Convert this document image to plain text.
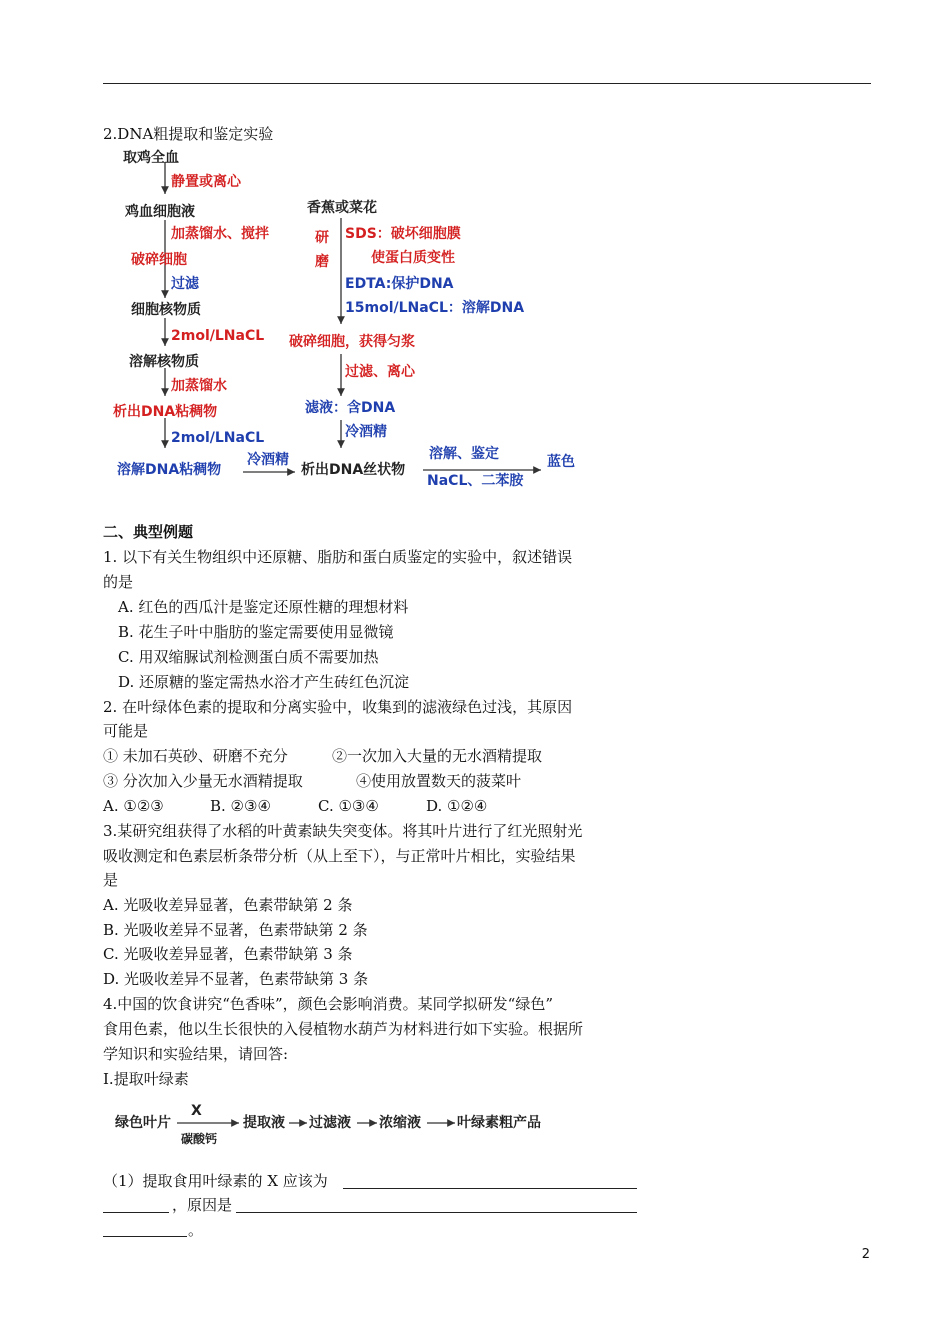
2.DNA粗提取和鉴定实验
取鸡全血
静置或离心
鸡血细胞液
加蒸馏水、搅拌
破碎细胞
过滤
细胞核物质
2mol/LNaCL
溶解核物质
加蒸馏水
析出DNA粘稠物
2mol/LNaCL
溶解DNA粘稠物
冷酒精
析出DNA丝状物
香蕉或菜花
研
磨
SDS：破坏细胞膜
使蛋白质变性
EDTA:保护DNA
15mol/LNaCL：溶解DNA
破碎细胞，获得匀浆
过滤、离心
滤液：含DNA
冷酒精
溶解、鉴定	蓝色
NaCL、二苯胺
二、典型例题
1. 以下有关生物组织中还原糖、脂肪和蛋白质鉴定的实验中，叙述错误
的是
A. 红色的西瓜汁是鉴定还原性糖的理想材料
B. 花生子叶中脂肪的鉴定需要使用显微镜
C. 用双缩脲试剂检测蛋白质不需要加热
D. 还原糖的鉴定需热水浴才产生砖红色沉淀
2. 在叶绿体色素的提取和分离实验中，收集到的滤液绿色过浅，其原因
可能是
① 未加石英砂、研磨不充分	②一次加入大量的无水酒精提取
③ 分次加入少量无水酒精提取	④使用放置数天的菠菜叶
A. ①②③	B. ②③④	C. ①③④	D. ①②④
3.某研究组获得了水稻的叶黄素缺失突变体。将其叶片进行了红光照射光
吸收测定和色素层析条带分析（从上至下），与正常叶片相比，实验结果
是
A. 光吸收差异显著，色素带缺第 2 条
B. 光吸收差异不显著，色素带缺第 2 条
C. 光吸收差异显著，色素带缺第 3 条
D. 光吸收差异不显著，色素带缺第 3 条
4.中国的饮食讲究“色香味”，颜色会影响消费。某同学拟研发“绿色”
食用色素，他以生长很快的入侵植物水葫芦为材料进行如下实验。根据所
学知识和实验结果，请回答:
I.提取叶绿素
绿色叶片
X
碳酸钙
提取液 过滤液 浓缩液	叶绿素粗产品
（1）提取食用叶绿素的 X 应该为
，原因是
。
2
